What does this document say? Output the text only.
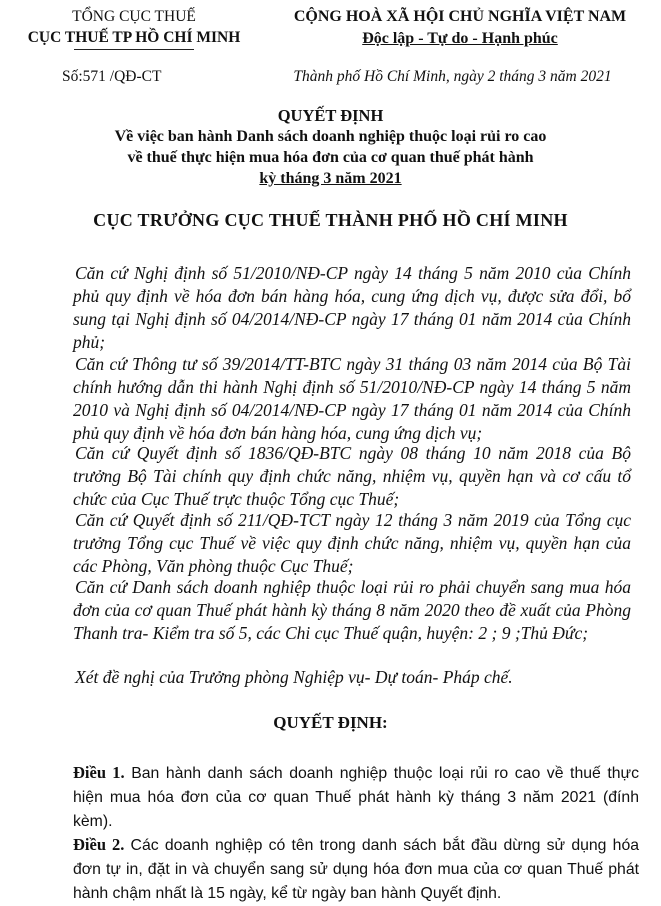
TỔNG CỤC THUẾ
CỤC THUẾ TP HỒ CHÍ MINH
CỘNG HOÀ XÃ HỘI CHỦ NGHĨA VIỆT NAM
Độc lập - Tự do - Hạnh phúc
Số:571 /QĐ-CT	Thành phố Hồ Chí Minh, ngày 2 tháng 3 năm 2021
QUYẾT ĐỊNH
Về việc ban hành Danh sách doanh nghiệp thuộc loại rủi ro cao
về thuế thực hiện mua hóa đơn của cơ quan thuế phát hành
kỳ tháng 3 năm 2021
CỤC TRƯỞNG CỤC THUẾ THÀNH PHỐ HỒ CHÍ MINH
Căn cứ Nghị định số 51/2010/NĐ-CP ngày 14 tháng 5 năm 2010 của Chính phủ quy định về hóa đơn bán hàng hóa, cung ứng dịch vụ, được sửa đổi, bổ sung tại Nghị định số 04/2014/NĐ-CP ngày 17 tháng 01 năm 2014 của Chính phủ;
Căn cứ Thông tư số 39/2014/TT-BTC ngày 31 tháng 03 năm 2014 của Bộ Tài chính hướng dẫn thi hành Nghị định số 51/2010/NĐ-CP ngày 14 tháng 5 năm 2010 và Nghị định số 04/2014/NĐ-CP ngày 17 tháng 01 năm 2014 của Chính phủ quy định về hóa đơn bán hàng hóa, cung ứng dịch vụ;
Căn cứ Quyết định số 1836/QĐ-BTC ngày 08 tháng 10 năm 2018 của Bộ trưởng Bộ Tài chính quy định chức năng, nhiệm vụ, quyền hạn và cơ cấu tổ chức của Cục Thuế trực thuộc Tổng cục Thuế;
Căn cứ Quyết định số 211/QĐ-TCT ngày 12 tháng 3 năm 2019 của Tổng cục trưởng Tổng cục Thuế về việc quy định chức năng, nhiệm vụ, quyền hạn của các Phòng, Văn phòng thuộc Cục Thuế;
Căn cứ Danh sách doanh nghiệp thuộc loại rủi ro phải chuyển sang mua hóa đơn của cơ quan Thuế phát hành kỳ tháng 8 năm 2020 theo đề xuất của Phòng Thanh tra- Kiểm tra số 5, các Chi cục Thuế quận, huyện: 2 ; 9 ;Thủ Đức;
Xét đề nghị của Trưởng phòng Nghiệp vụ- Dự toán- Pháp chế.
QUYẾT ĐỊNH:
Điều 1. Ban hành danh sách doanh nghiệp thuộc loại rủi ro cao về thuế thực hiện mua hóa đơn của cơ quan Thuế phát hành kỳ tháng 3 năm 2021 (đính kèm).
Điều 2. Các doanh nghiệp có tên trong danh sách bắt đầu dừng sử dụng hóa đơn tự in, đặt in và chuyển sang sử dụng hóa đơn mua của cơ quan Thuế phát hành chậm nhất là 15 ngày, kể từ ngày ban hành Quyết định.
